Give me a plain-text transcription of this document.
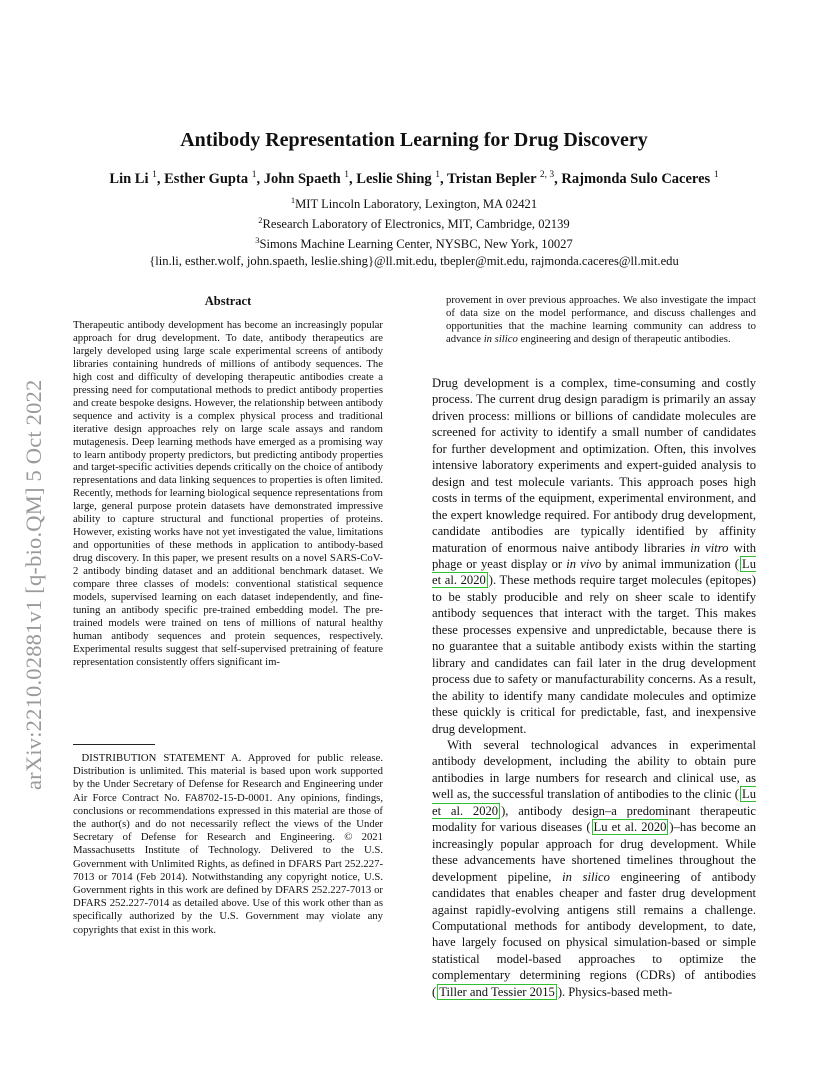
arXiv:2210.02881v1 [q-bio.QM] 5 Oct 2022
Antibody Representation Learning for Drug Discovery
Lin Li $^1$, Esther Gupta $^1$, John Spaeth $^1$, Leslie Shing $^1$, Tristan Bepler $^{2, 3}$, Rajmonda Sulo Caceres $^1$
$^1$MIT Lincoln Laboratory, Lexington, MA 02421
$^2$Research Laboratory of Electronics, MIT, Cambridge, 02139
$^3$Simons Machine Learning Center, NYSBC, New York, 10027
{lin.li, esther.wolf, john.spaeth, leslie.shing}@ll.mit.edu, tbepler@mit.edu, rajmonda.caceres@ll.mit.edu
Abstract
Therapeutic antibody development has become an increasingly popular approach for drug development. To date, antibody therapeutics are largely developed using large scale experimental screens of antibody libraries containing hundreds of millions of antibody sequences. The high cost and difficulty of developing therapeutic antibodies create a pressing need for computational methods to predict antibody properties and create bespoke designs. However, the relationship between antibody sequence and activity is a complex physical process and traditional iterative design approaches rely on large scale assays and random mutagenesis. Deep learning methods have emerged as a promising way to learn antibody property predictors, but predicting antibody properties and target-specific activities depends critically on the choice of antibody representations and data linking sequences to properties is often limited. Recently, methods for learning biological sequence representations from large, general purpose protein datasets have demonstrated impressive ability to capture structural and functional properties of proteins. However, existing works have not yet investigated the value, limitations and opportunities of these methods in application to antibody-based drug discovery. In this paper, we present results on a novel SARS-CoV-2 antibody binding dataset and an additional benchmark dataset. We compare three classes of models: conventional statistical sequence models, supervised learning on each dataset independently, and fine-tuning an antibody specific pre-trained embedding model. The pre-trained models were trained on tens of millions of natural healthy human antibody sequences and protein sequences, respectively. Experimental results suggest that self-supervised pretraining of feature representation consistently offers significant im-
provement in over previous approaches. We also investigate the impact of data size on the model performance, and discuss challenges and opportunities that the machine learning community can address to advance in silico engineering and design of therapeutic antibodies.

DISTRIBUTION STATEMENT A. Approved for public release. Distribution is unlimited. This material is based upon work supported by the Under Secretary of Defense for Research and Engineering under Air Force Contract No. FA8702-15-D-0001. Any opinions, findings, conclusions or recommendations expressed in this material are those of the author(s) and do not necessarily reflect the views of the Under Secretary of Defense for Research and Engineering. © 2021 Massachusetts Institute of Technology. Delivered to the U.S. Government with Unlimited Rights, as defined in DFARS Part 252.227-7013 or 7014 (Feb 2014). Notwithstanding any copyright notice, U.S. Government rights in this work are defined by DFARS 252.227-7013 or DFARS 252.227-7014 as detailed above. Use of this work other than as specifically authorized by the U.S. Government may violate any copyrights that exist in this work.

Drug development is a complex, time-consuming and costly process. The current drug design paradigm is primarily an assay driven process: millions or billions of candidate molecules are screened for activity to identify a small number of candidates for further development and optimization. Often, this involves intensive laboratory experiments and expert-guided analysis to design and test molecule variants. This approach poses high costs in terms of the equipment, experimental environment, and the expert knowledge required. For antibody drug development, candidate antibodies are typically identified by affinity maturation of enormous naive antibody libraries in vitro with phage or yeast display or in vivo by animal immunization ( Lu et al. 2020 ). These methods require target molecules (epitopes) to be stably producible and rely on sheer scale to identify antibody sequences that interact with the target. This makes these processes expensive and unpredictable, because there is no guarantee that a suitable antibody exists within the starting library and candidates can fail later in the drug development process due to safety or manufacturability concerns. As a result, the ability to identify many candidate molecules and optimize these quickly is critical for predictable, fast, and inexpensive drug development.

With several technological advances in experimental antibody development, including the ability to obtain pure antibodies in large numbers for research and clinical use, as well as, the successful translation of antibodies to the clinic ( Lu et al. 2020 ), antibody design–a predominant therapeutic modality for various diseases ( Lu et al. 2020 )–has become an increasingly popular approach for drug development. While these advancements have shortened timelines throughout the development pipeline, in silico engineering of antibody candidates that enables cheaper and faster drug development against rapidly-evolving antigens still remains a challenge. Computational methods for antibody development, to date, have largely focused on physical simulation-based or simple statistical model-based approaches to optimize the complementary determining regions (CDRs) of antibodies ( Tiller and Tessier 2015 ). Physics-based meth-
